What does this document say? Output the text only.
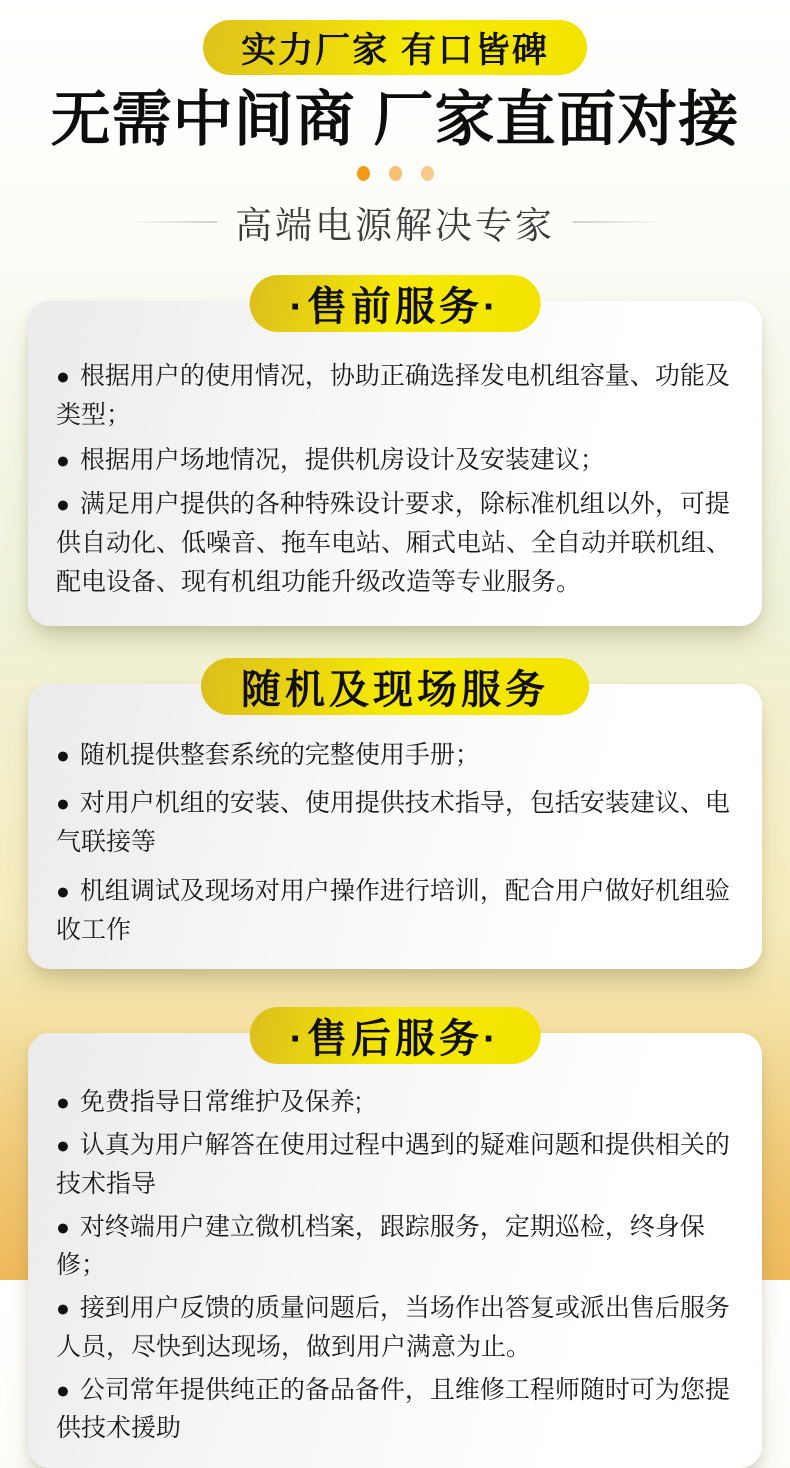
实力厂家 有口皆碑
无需中间商 厂家直面对接
高端电源解决专家
·售前服务·

● 根据用户的使用情况，协助正确选择发电机组容量、功能及类型；

● 根据用户场地情况，提供机房设计及安装建议；

● 满足用户提供的各种特殊设计要求，除标准机组以外，可提供自动化、低噪音、拖车电站、厢式电站、全自动并联机组、配电设备、现有机组功能升级改造等专业服务。

随机及现场服务

● 随机提供整套系统的完整使用手册；

● 对用户机组的安装、使用提供技术指导，包括安装建议、电气联接等

● 机组调试及现场对用户操作进行培训，配合用户做好机组验收工作

·售后服务·

● 免费指导日常维护及保养;

● 认真为用户解答在使用过程中遇到的疑难问题和提供相关的技术指导

● 对终端用户建立微机档案，跟踪服务，定期巡检，终身保修；

● 接到用户反馈的质量问题后，当场作出答复或派出售后服务人员，尽快到达现场，做到用户满意为止。

● 公司常年提供纯正的备品备件，且维修工程师随时可为您提供技术援助
